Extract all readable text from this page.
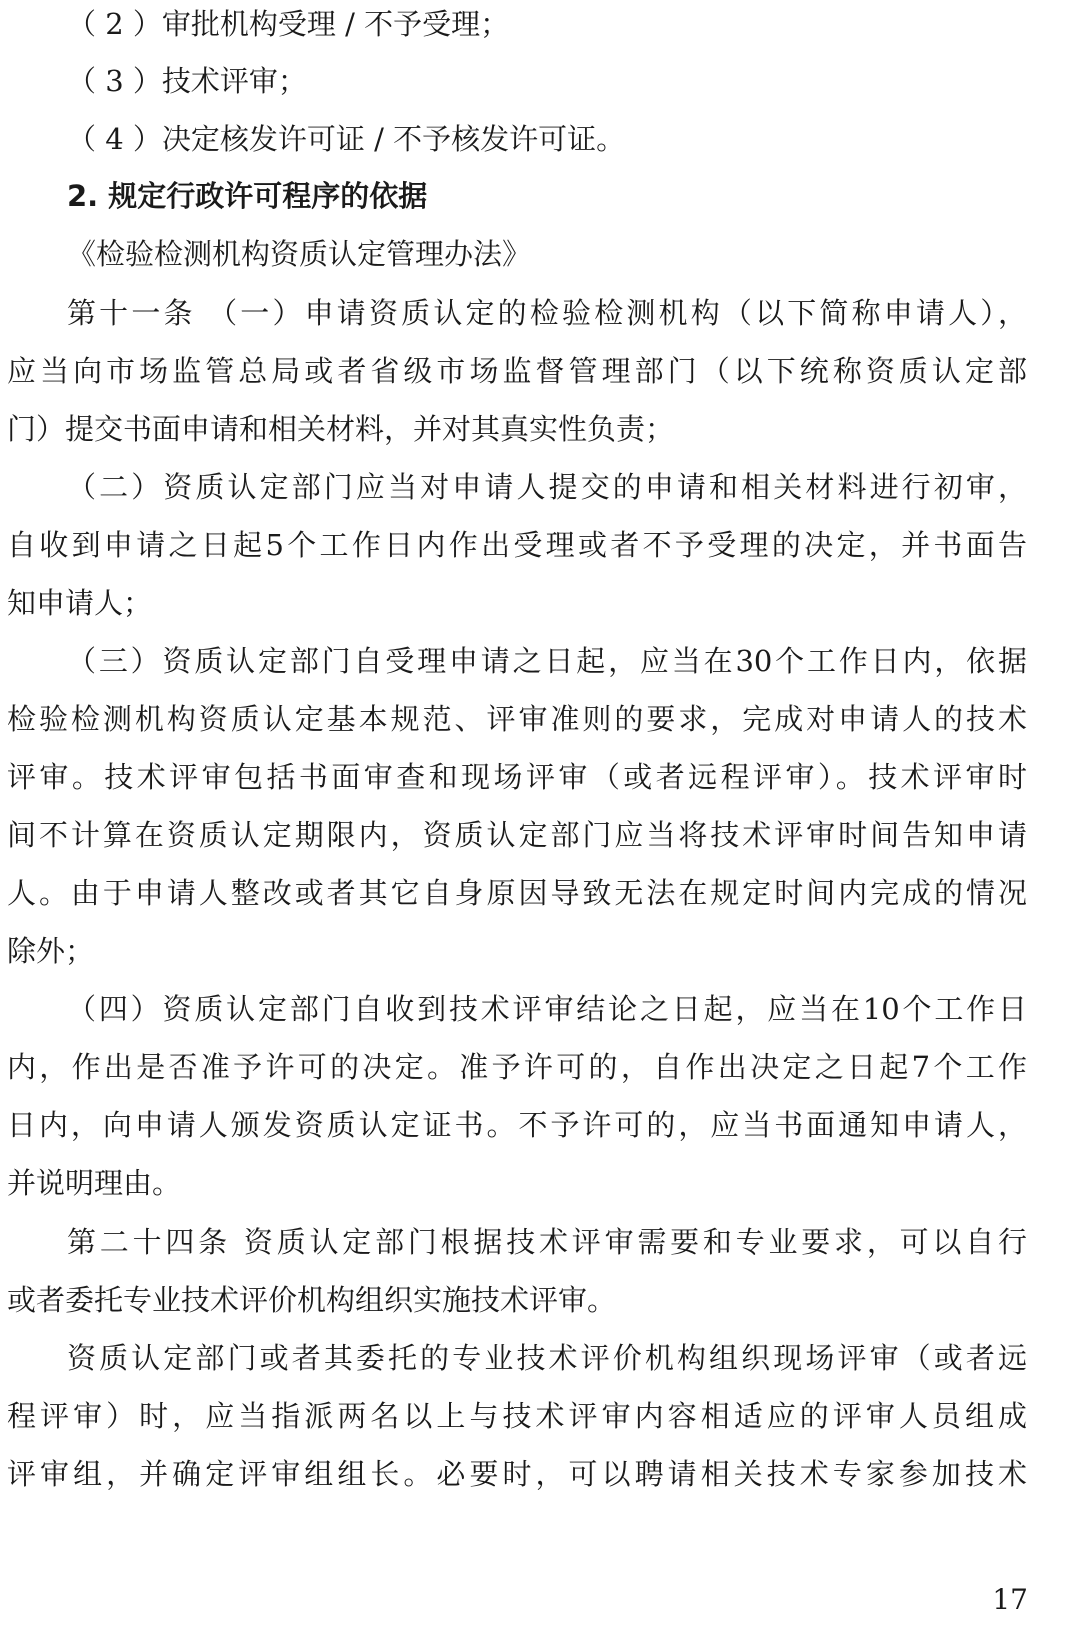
（ 2 ）审批机构受理 / 不予受理；
（ 3 ）技术评审；
（ 4 ）决定核发许可证 / 不予核发许可证。
2. 规定行政许可程序的依据
《检验检测机构资质认定管理办法》
第十一条 （一）申请资质认定的检验检测机构（以下简称申请人），
应当向市场监管总局或者省级市场监督管理部门（以下统称资质认定部
门）提交书面申请和相关材料，并对其真实性负责；
（二）资质认定部门应当对申请人提交的申请和相关材料进行初审，
自收到申请之日起5个工作日内作出受理或者不予受理的决定，并书面告
知申请人；
（三）资质认定部门自受理申请之日起，应当在30个工作日内，依据
检验检测机构资质认定基本规范、评审准则的要求，完成对申请人的技术
评审。技术评审包括书面审查和现场评审（或者远程评审）。技术评审时
间不计算在资质认定期限内，资质认定部门应当将技术评审时间告知申请
人。由于申请人整改或者其它自身原因导致无法在规定时间内完成的情况
除外；
（四）资质认定部门自收到技术评审结论之日起，应当在10个工作日
内，作出是否准予许可的决定。准予许可的，自作出决定之日起7个工作
日内，向申请人颁发资质认定证书。不予许可的，应当书面通知申请人，
并说明理由。
第二十四条 资质认定部门根据技术评审需要和专业要求，可以自行
或者委托专业技术评价机构组织实施技术评审。
资质认定部门或者其委托的专业技术评价机构组织现场评审（或者远
程评审）时，应当指派两名以上与技术评审内容相适应的评审人员组成
评审组，并确定评审组组长。必要时，可以聘请相关技术专家参加技术
17
